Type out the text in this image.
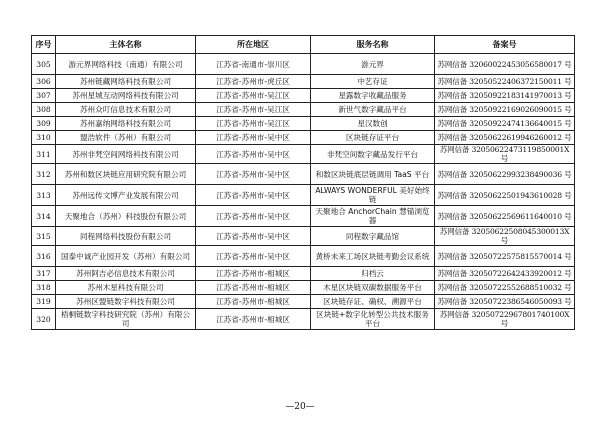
序号	主体名称	所在地区	服务名称	备案号
305	游元界网络科技（南通）有限公司	江苏省-南通市-崇川区	游元界	苏网信备 32060022453056580017 号
306	苏州链藏网络科技有限公司	江苏省-苏州市-虎丘区	中艺存证	苏网信备 32050522406372150011 号
307	苏州星城互动网络科技有限公司	江苏省-苏州市-吴江区	星露数字收藏品服务	苏网信备 32050922183141970013 号
308	苏州众叮信息技术有限公司	江苏省-苏州市-吴江区	新世气数字藏品平台	苏网信备 32050922169026090015 号
309	苏州嘉纳网络科技有限公司	江苏省-苏州市-吴江区	星汉数创	苏网信备 32050922474136640015 号
310	盟浩软件（苏州）有限公司	江苏省-苏州市-吴中区	区块链存证平台	苏网信备 32050622619946260012 号
311	苏州非梵空间网络科技有限公司	江苏省-苏州市-吴中区	非梵空间数字藏品发行平台	苏网信备 32050622473119850001X 号
312	苏州和数区块链应用研究院有限公司	江苏省-苏州市-吴中区	和数区块链底层链调用 TaaS 平台	苏网信备 32050622993238490036 号
313	苏州远传文博产业发展有限公司	江苏省-苏州市-吴中区	ALWAYS WONDERFUL 美好始终链	苏网信备 32050622501943610028 号
314	天聚地合（苏州）科技股份有限公司	江苏省-苏州市-吴中区	天聚地合 AnchorChain 慧锚浏览器	苏网信备 32050622569611640010 号
315	同程网络科技股份有限公司	江苏省-苏州市-吴中区	同程数字藏品馆	苏网信备 32050622508045300013X 号
316	国泰中诚产业园开发（苏州）有限公司	江苏省-苏州市-吴中区	黄桥未来工场区块链考勤会议系统	苏网信备 32050722575815570014 号
317	苏州阿吉必信息技术有限公司	江苏省-苏州市-相城区	归档云	苏网信备 32050722642433920012 号
318	苏州木星科技有限公司	江苏省-苏州市-相城区	木星区块链双碳数据服务平台	苏网信备 32050722552688510032 号
319	苏州区盟链数字科技有限公司	江苏省-苏州市-相城区	区块链存证、确权、溯源平台	苏网信备 32050722386546050093 号
320	梧桐链数字科技研究院（苏州）有限公司	江苏省-苏州市-相城区	区块链+数字化转型公共技术服务平台	苏网信备 32050722967801740100X 号
—20—
